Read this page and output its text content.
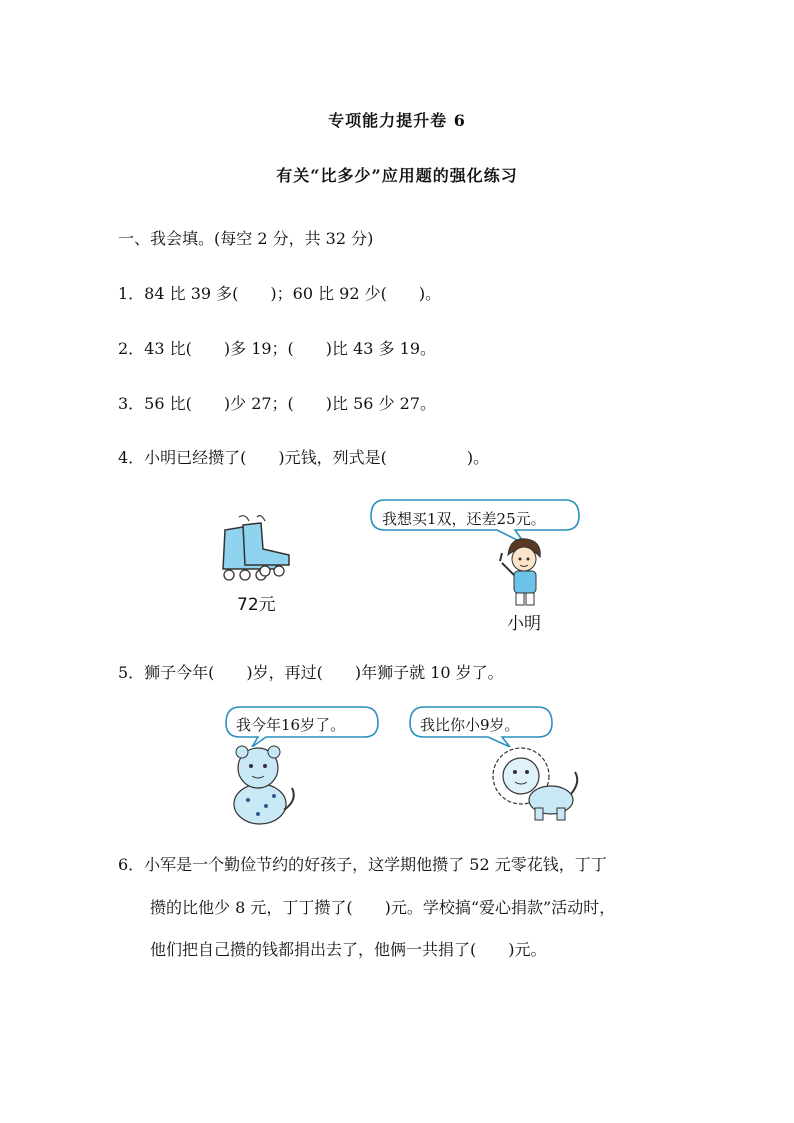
专项能力提升卷 6
有关“比多少”应用题的强化练习
一、我会填。(每空 2 分，共 32 分)
1．84 比 39 多(　　)；60 比 92 少(　　)。
2．43 比(　　)多 19；(　　)比 43 多 19。
3．56 比(　　)少 27；(　　)比 56 少 27。
4．小明已经攒了(　　)元钱，列式是(　　　　　)。
72元
我想买1双，还差25元。
小明
5．狮子今年(　　)岁，再过(　　)年狮子就 10 岁了。
我今年16岁了。	我比你小9岁。
6．小军是一个勤俭节约的好孩子，这学期他攒了 52 元零花钱，丁丁
攒的比他少 8 元，丁丁攒了(　　)元。学校搞“爱心捐款”活动时，
他们把自己攒的钱都捐出去了，他俩一共捐了(　　)元。
